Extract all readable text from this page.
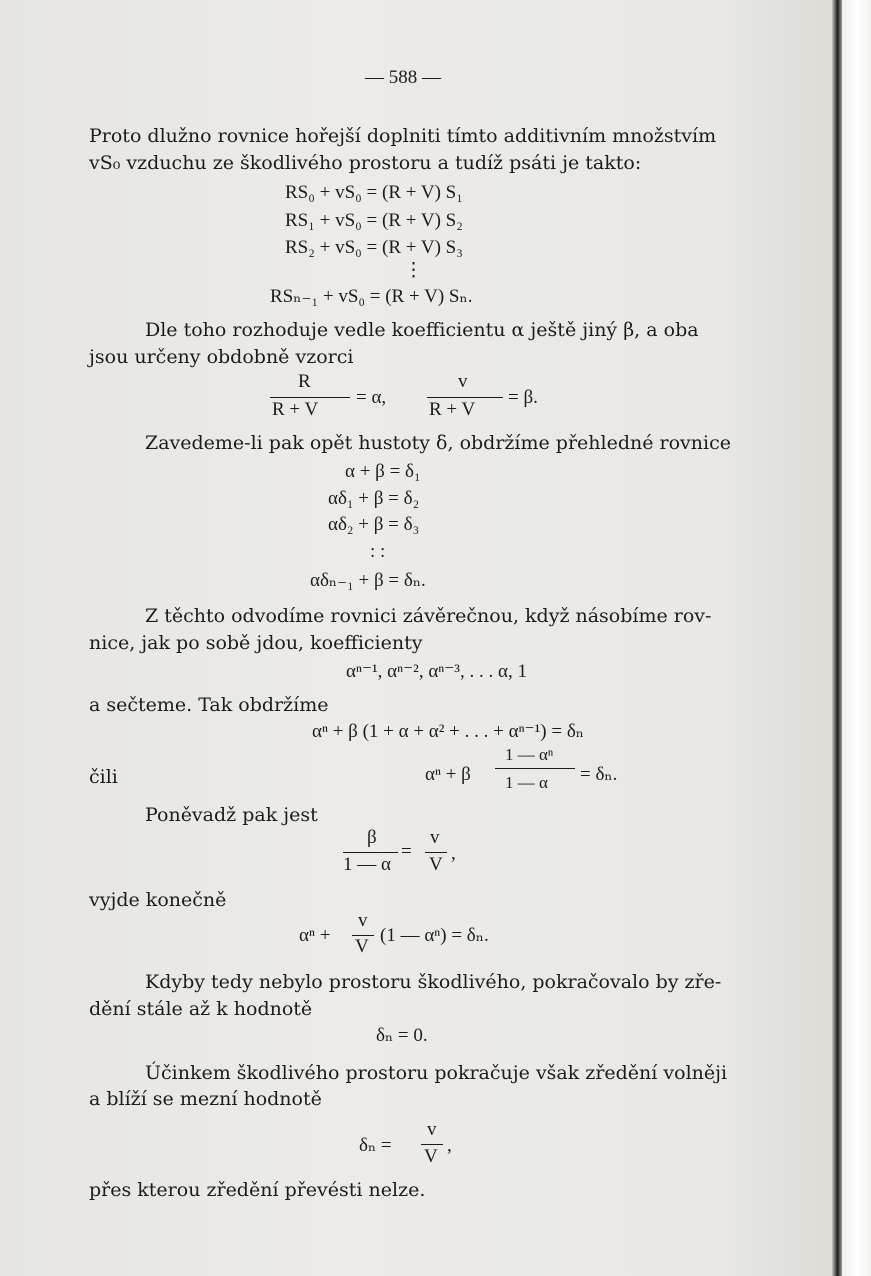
— 588 —
Proto dlužno rovnice hořejší doplniti tímto additivním množstvím
vS₀ vzduchu ze škodlivého prostoru a tudíž psáti je takto:
RS₀ + vS₀ = (R + V) S₁
RS₁ + vS₀ = (R + V) S₂
RS₂ + vS₀ = (R + V) S₃
⋮
RSₙ₋₁ + vS₀ = (R + V) Sₙ.
Dle toho rozhoduje vedle koefficientu α ještě jiný β, a oba
jsou určeny obdobně vzorci
R
R + V
= α,
v
R + V
= β.
Zavedeme-li pak opět hustoty δ, obdržíme přehledné rovnice
α + β = δ₁
αδ₁ + β = δ₂
αδ₂ + β = δ₃
: :
αδₙ₋₁ + β = δₙ.
Z těchto odvodíme rovnici závěrečnou, když násobíme rov-
nice, jak po sobě jdou, koefficienty
αⁿ⁻¹, αⁿ⁻², αⁿ⁻³, . . . α, 1
a sečteme. Tak obdržíme
αⁿ + β (1 + α + α² + . . . + αⁿ⁻¹) = δₙ
čili	αⁿ + β
1 — αⁿ
1 — α = δₙ.
Poněvadž pak jest
β
1 — α
=
v
V
,
vyjde konečně
αⁿ +
v
V
(1 — αⁿ) = δₙ.
Kdyby tedy nebylo prostoru škodlivého, pokračovalo by zře-
dění stále až k hodnotě
δₙ = 0.
Účinkem škodlivého prostoru pokračuje však zředění volněji
a blíží se mezní hodnotě
δₙ =
v
V
,
přes kterou zředění převésti nelze.
